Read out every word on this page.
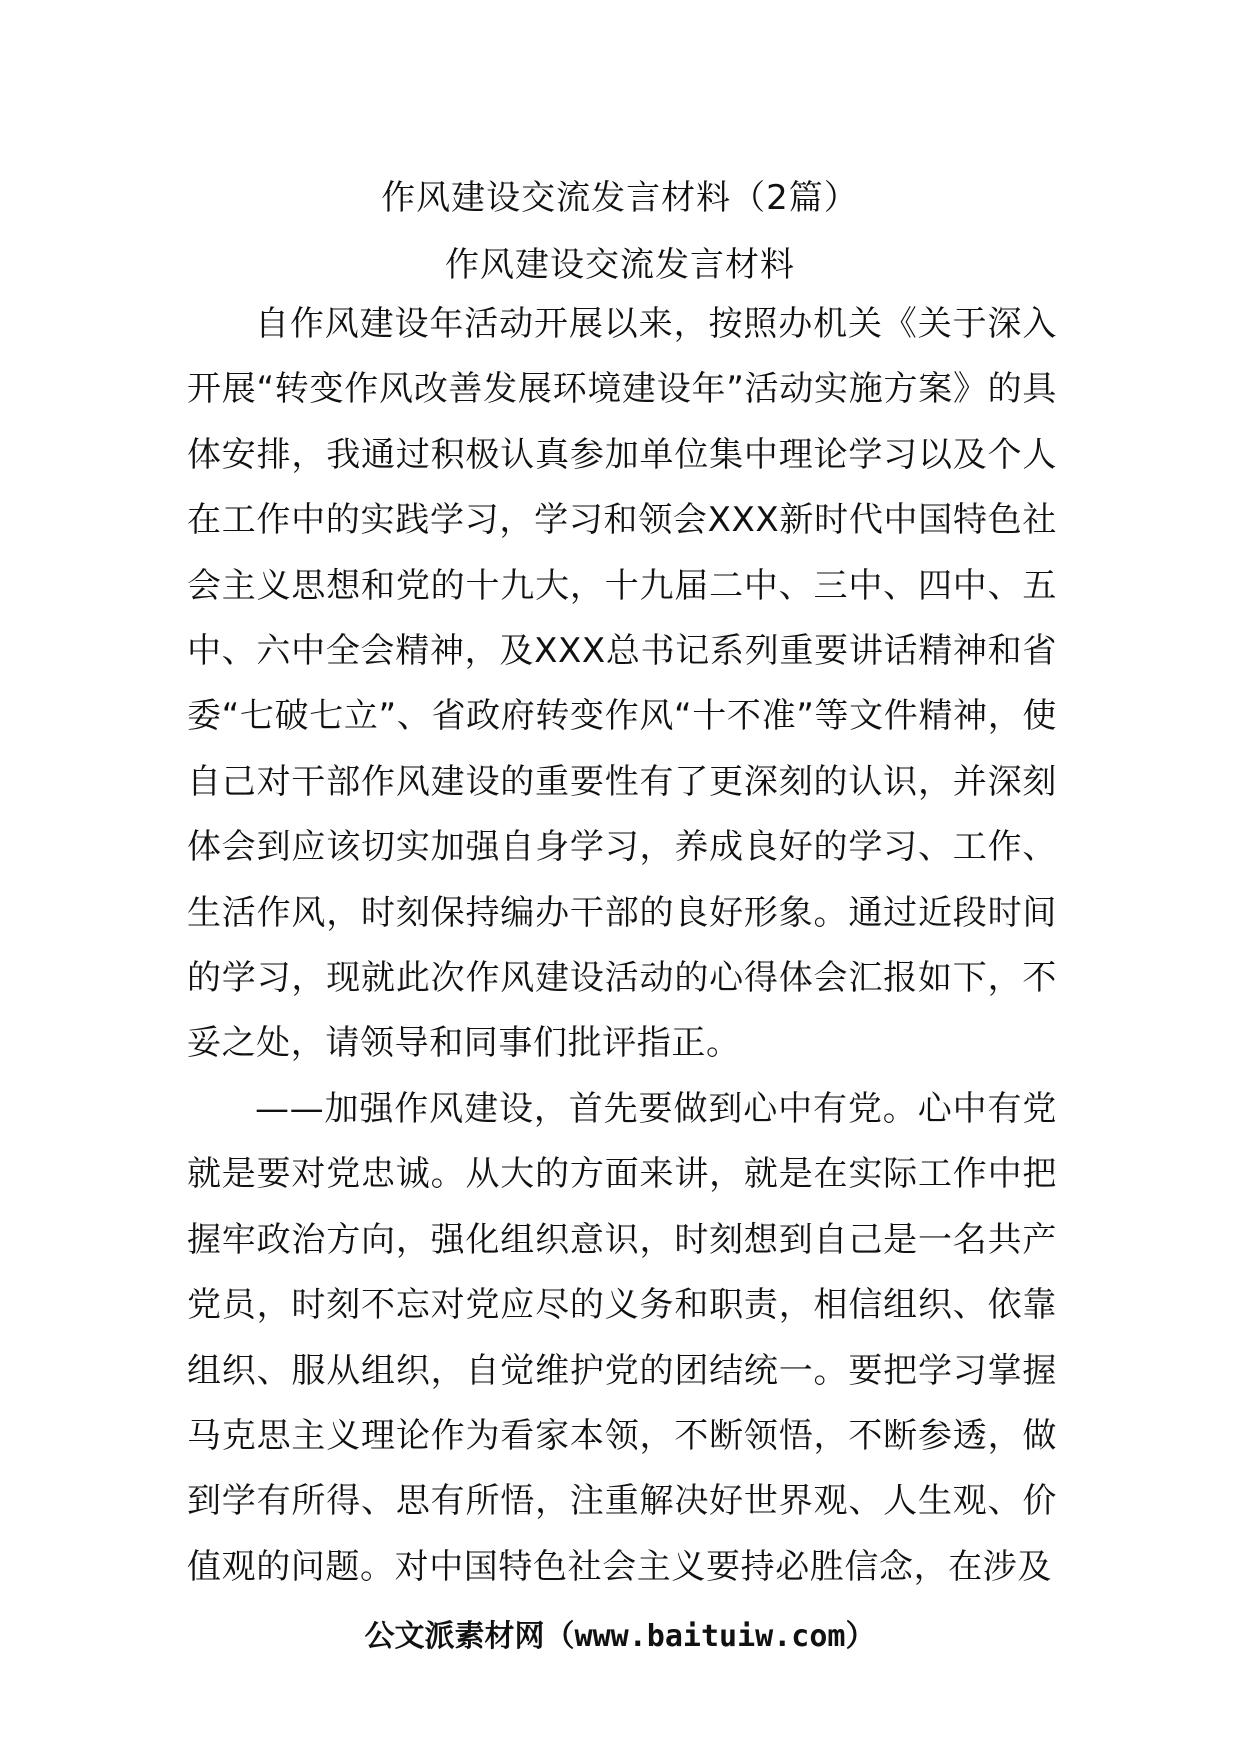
作风建设交流发言材料（2篇）
作风建设交流发言材料

自作风建设年活动开展以来，按照办机关《关于深入开展“转变作风改善发展环境建设年”活动实施方案》的具体安排，我通过积极认真参加单位集中理论学习以及个人在工作中的实践学习，学习和领会XXX新时代中国特色社会主义思想和党的十九大，十九届二中、三中、四中、五中、六中全会精神，及XXX总书记系列重要讲话精神和省委“七破七立”、省政府转变作风“十不准”等文件精神，使自己对干部作风建设的重要性有了更深刻的认识，并深刻体会到应该切实加强自身学习，养成良好的学习、工作、生活作风，时刻保持编办干部的良好形象。通过近段时间的学习，现就此次作风建设活动的心得体会汇报如下，不妥之处，请领导和同事们批评指正。

——加强作风建设，首先要做到心中有党。心中有党就是要对党忠诚。从大的方面来讲，就是在实际工作中把握牢政治方向，强化组织意识，时刻想到自己是一名共产党员，时刻不忘对党应尽的义务和职责，相信组织、依靠组织、服从组织，自觉维护党的团结统一。要把学习掌握马克思主义理论作为看家本领，不断领悟，不断参透，做到学有所得、思有所悟，注重解决好世界观、人生观、价值观的问题。对中国特色社会主义要持必胜信念，在涉及

公文派素材网（www.baituiw.com）
